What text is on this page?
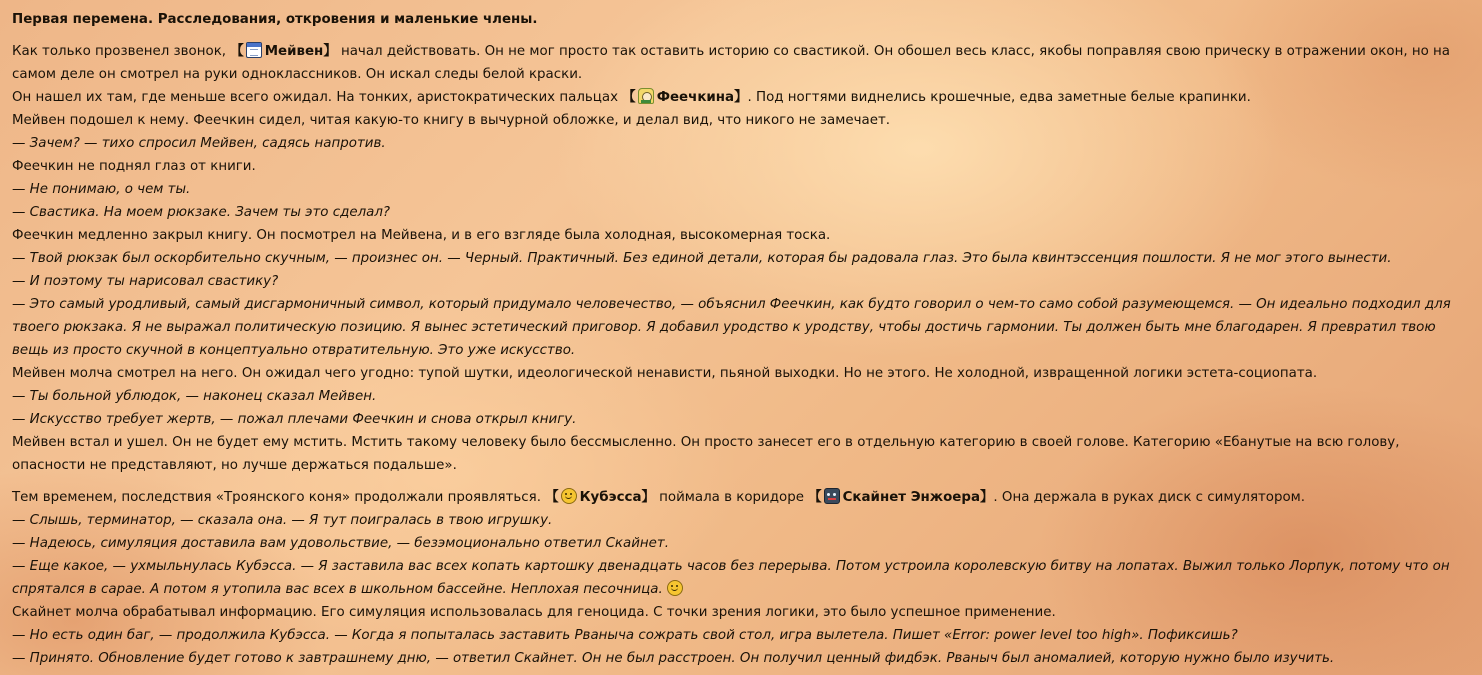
Первая перемена. Расследования, откровения и маленькие члены.

Как только прозвенел звонок, 【 Мейвен】 начал действовать. Он не мог просто так оставить историю со свастикой. Он обошел весь класс, якобы поправляя свою прическу в отражении окон, но на самом деле он смотрел на руки одноклассников. Он искал следы белой краски.

Он нашел их там, где меньше всего ожидал. На тонких, аристократических пальцах 【 Феечкина】. Под ногтями виднелись крошечные, едва заметные белые крапинки.

Мейвен подошел к нему. Феечкин сидел, читая какую-то книгу в вычурной обложке, и делал вид, что никого не замечает.

— Зачем? — тихо спросил Мейвен, садясь напротив.

Феечкин не поднял глаз от книги.

— Не понимаю, о чем ты.

— Свастика. На моем рюкзаке. Зачем ты это сделал?

Феечкин медленно закрыл книгу. Он посмотрел на Мейвена, и в его взгляде была холодная, высокомерная тоска.

— Твой рюкзак был оскорбительно скучным, — произнес он. — Черный. Практичный. Без единой детали, которая бы радовала глаз. Это была квинтэссенция пошлости. Я не мог этого вынести.

— И поэтому ты нарисовал свастику?

— Это самый уродливый, самый дисгармоничный символ, который придумало человечество, — объяснил Феечкин, как будто говорил о чем-то само собой разумеющемся. — Он идеально подходил для твоего рюкзака. Я не выражал политическую позицию. Я вынес эстетический приговор. Я добавил уродство к уродству, чтобы достичь гармонии. Ты должен быть мне благодарен. Я превратил твою вещь из просто скучной в концептуально отвратительную. Это уже искусство.

Мейвен молча смотрел на него. Он ожидал чего угодно: тупой шутки, идеологической ненависти, пьяной выходки. Но не этого. Не холодной, извращенной логики эстета-социопата.

— Ты больной ублюдок, — наконец сказал Мейвен.

— Искусство требует жертв, — пожал плечами Феечкин и снова открыл книгу.

Мейвен встал и ушел. Он не будет ему мстить. Мстить такому человеку было бессмысленно. Он просто занесет его в отдельную категорию в своей голове. Категорию «Ебанутые на всю голову, опасности не представляют, но лучше держаться подальше».

Тем временем, последствия «Троянского коня» продолжали проявляться. 【 Кубэсса】 поймала в коридоре 【 Скайнет Энжоера】. Она держала в руках диск с симулятором.

— Слышь, терминатор, — сказала она. — Я тут поигралась в твою игрушку.

— Надеюсь, симуляция доставила вам удовольствие, — безэмоционально ответил Скайнет.

— Еще какое, — ухмыльнулась Кубэсса. — Я заставила вас всех копать картошку двенадцать часов без перерыва. Потом устроила королевскую битву на лопатах. Выжил только Лорпук, потому что он спрятался в сарае. А потом я утопила вас всех в школьном бассейне. Неплохая песочница.

Скайнет молча обрабатывал информацию. Его симуляция использовалась для геноцида. С точки зрения логики, это было успешное применение.

— Но есть один баг, — продолжила Кубэсса. — Когда я попыталась заставить Рваныча сожрать свой стол, игра вылетела. Пишет «Error: power level too high». Пофиксишь?

— Принято. Обновление будет готово к завтрашнему дню, — ответил Скайнет. Он не был расстроен. Он получил ценный фидбэк. Рваныч был аномалией, которую нужно было изучить.
